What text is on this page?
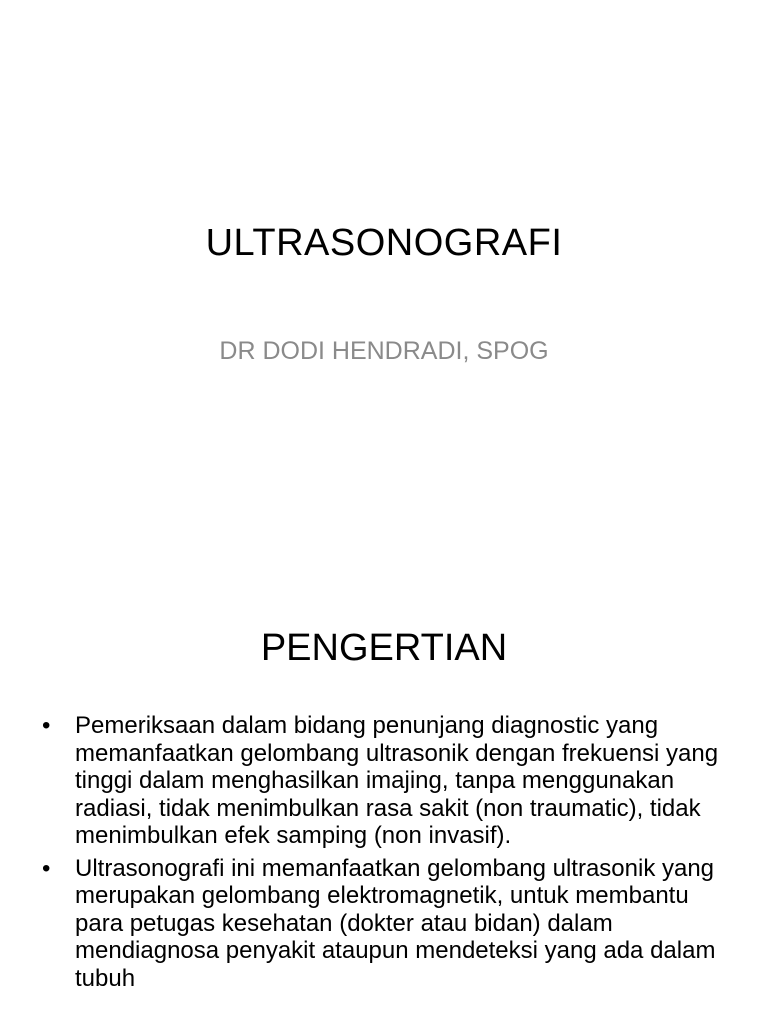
ULTRASONOGRAFI
DR DODI HENDRADI, SPOG
PENGERTIAN
•	Pemeriksaan dalam bidang penunjang diagnostic yang memanfaatkan gelombang ultrasonik dengan frekuensi yang tinggi dalam menghasilkan imajing, tanpa menggunakan radiasi, tidak menimbulkan rasa sakit (non traumatic), tidak menimbulkan efek samping (non invasif).
•	Ultrasonografi ini memanfaatkan gelombang ultrasonik yang merupakan gelombang elektromagnetik, untuk membantu para petugas kesehatan (dokter atau bidan) dalam mendiagnosa penyakit ataupun mendeteksi yang ada dalam tubuh
